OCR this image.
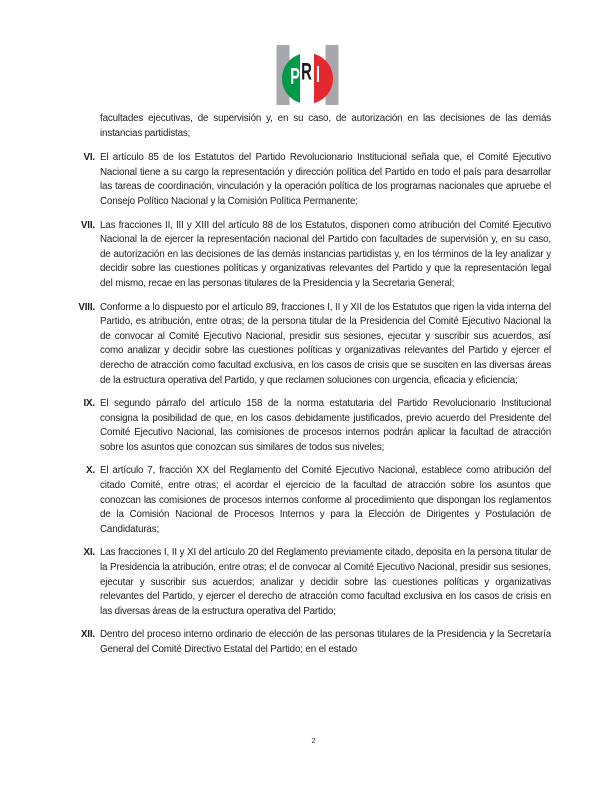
P R I

facultades ejecutivas, de supervisión y, en su caso, de autorización en las decisiones de las demás instancias partidistas;

VI. El artículo 85 de los Estatutos del Partido Revolucionario Institucional señala que, el Comité Ejecutivo Nacional tiene a su cargo la representación y dirección política del Partido en todo el país para desarrollar las tareas de coordinación, vinculación y la operación política de los programas nacionales que apruebe el Consejo Político Nacional y la Comisión Política Permanente;
VII. Las fracciones II, III y XIII del artículo 88 de los Estatutos, disponen como atribución del Comité Ejecutivo Nacional la de ejercer la representación nacional del Partido con facultades de supervisión y, en su caso, de autorización en las decisiones de las demás instancias partidistas y, en los términos de la ley analizar y decidir sobre las cuestiones políticas y organizativas relevantes del Partido y que la representación legal del mismo, recae en las personas titulares de la Presidencia y la Secretaria General;
VIII. Conforme a lo dispuesto por el artículo 89, fracciones I, II y XII de los Estatutos que rigen la vida interna del Partido, es atribución, entre otras; de la persona titular de la Presidencia del Comité Ejecutivo Nacional la de convocar al Comité Ejecutivo Nacional, presidir sus sesiones, ejecutar y suscribir sus acuerdos, así como analizar y decidir sobre las cuestiones políticas y organizativas relevantes del Partido y ejercer el derecho de atracción como facultad exclusiva, en los casos de crisis que se susciten en las diversas áreas de la estructura operativa del Partido, y que reclamen soluciones con urgencia, eficacia y eficiencia;
IX. El segundo párrafo del artículo 158 de la norma estatutaria del Partido Revolucionario Institucional consigna la posibilidad de que, en los casos debidamente justificados, previo acuerdo del Presidente del Comité Ejecutivo Nacional, las comisiones de procesos internos podrán aplicar la facultad de atracción sobre los asuntos que conozcan sus similares de todos sus niveles;
X. El artículo 7, fracción XX del Reglamento del Comité Ejecutivo Nacional, establece como atribución del citado Comité, entre otras; el acordar el ejercicio de la facultad de atracción sobre los asuntos que conozcan las comisiones de procesos internos conforme al procedimiento que dispongan los reglamentos de la Comisión Nacional de Procesos Internos y para la Elección de Dirigentes y Postulación de Candidaturas;
XI. Las fracciones I, II y XI del artículo 20 del Reglamento previamente citado, deposita en la persona titular de la Presidencia la atribución, entre otras; el de convocar al Comité Ejecutivo Nacional, presidir sus sesiones, ejecutar y suscribir sus acuerdos; analizar y decidir sobre las cuestiones políticas y organizativas relevantes del Partido, y ejercer el derecho de atracción como facultad exclusiva en los casos de crisis en las diversas áreas de la estructura operativa del Partido;
XII. Dentro del proceso interno ordinario de elección de las personas titulares de la Presidencia y la Secretaría General del Comité Directivo Estatal del Partido; en el estado
2
